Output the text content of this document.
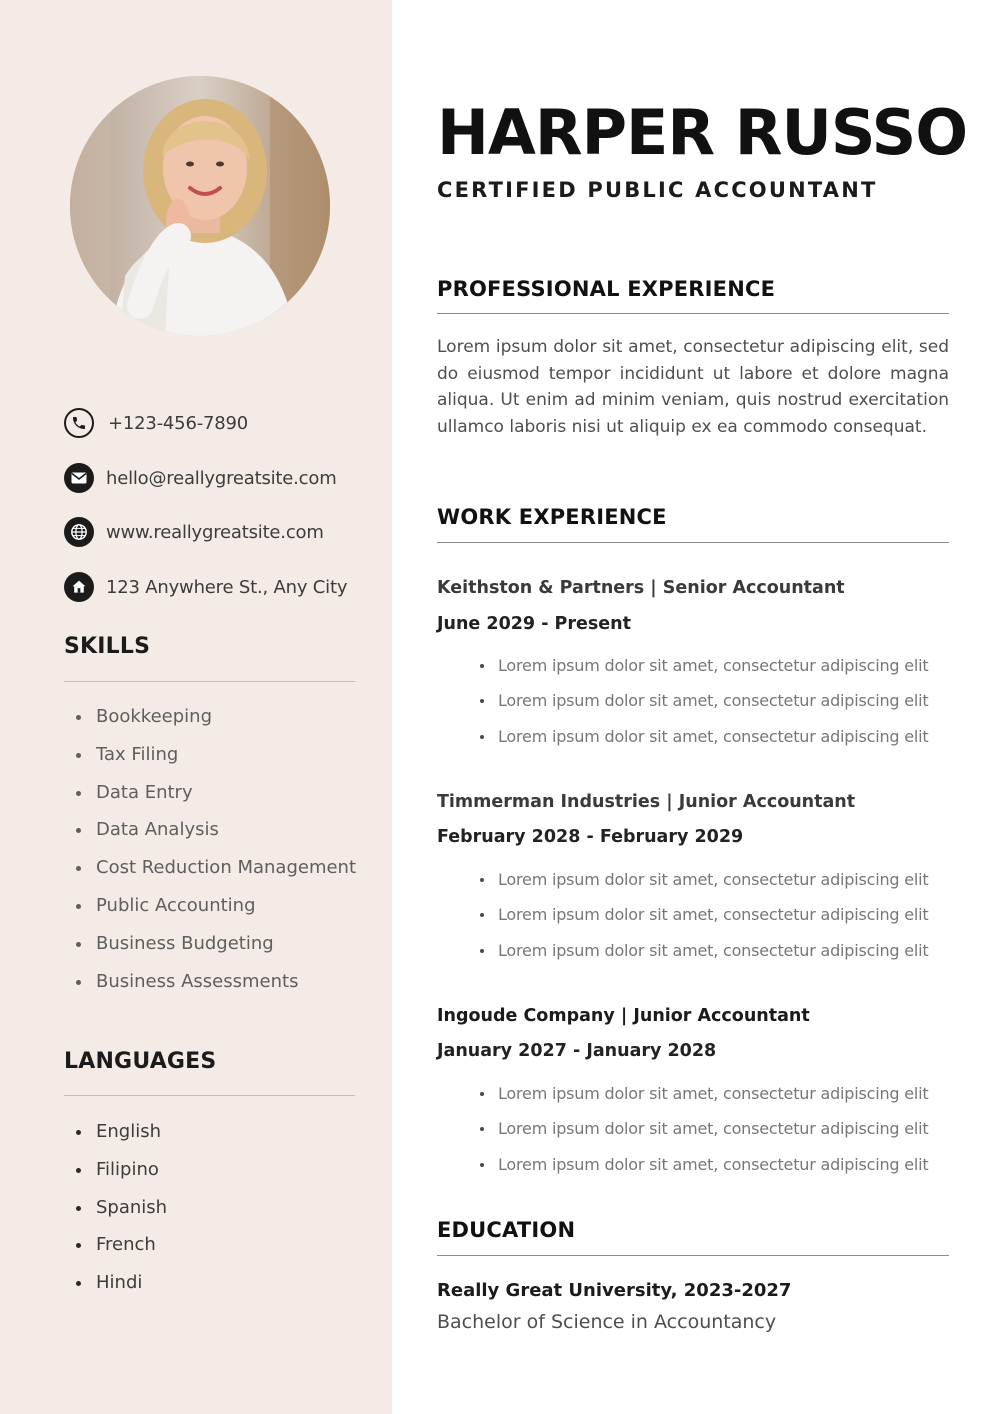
+123-456-7890
hello@reallygreatsite.com
www.reallygreatsite.com
123 Anywhere St., Any City
SKILLS
Bookkeeping
Tax Filing
Data Entry
Data Analysis
Cost Reduction Management
Public Accounting
Business Budgeting
Business Assessments
LANGUAGES
English
Filipino
Spanish
French
Hindi
HARPER RUSSO
CERTIFIED PUBLIC ACCOUNTANT
PROFESSIONAL EXPERIENCE

Lorem ipsum dolor sit amet, consectetur adipiscing elit, sed do eiusmod tempor incididunt ut labore et dolore magna aliqua. Ut enim ad minim veniam, quis nostrud exercitation ullamco laboris nisi ut aliquip ex ea commodo consequat.

WORK EXPERIENCE
Keithston & Partners | Senior Accountant
June 2029 - Present
Lorem ipsum dolor sit amet, consectetur adipiscing elit
Lorem ipsum dolor sit amet, consectetur adipiscing elit
Lorem ipsum dolor sit amet, consectetur adipiscing elit
Timmerman Industries | Junior Accountant
February 2028 - February 2029
Lorem ipsum dolor sit amet, consectetur adipiscing elit
Lorem ipsum dolor sit amet, consectetur adipiscing elit
Lorem ipsum dolor sit amet, consectetur adipiscing elit
Ingoude Company | Junior Accountant
January 2027 - January 2028
Lorem ipsum dolor sit amet, consectetur adipiscing elit
Lorem ipsum dolor sit amet, consectetur adipiscing elit
Lorem ipsum dolor sit amet, consectetur adipiscing elit
EDUCATION
Really Great University, 2023-2027
Bachelor of Science in Accountancy
